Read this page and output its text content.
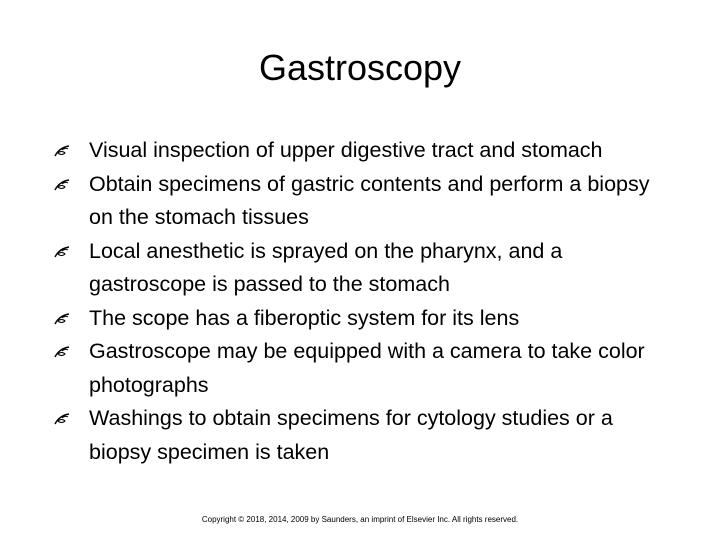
Gastroscopy
Visual inspection of upper digestive tract and stomach
Obtain specimens of gastric contents and perform a biopsy on the stomach tissues
Local anesthetic is sprayed on the pharynx, and a gastroscope is passed to the stomach
The scope has a fiberoptic system for its lens
Gastroscope may be equipped with a camera to take color photographs
Washings to obtain specimens for cytology studies or a biopsy specimen is taken
Copyright © 2018, 2014, 2009 by Saunders, an imprint of Elsevier Inc. All rights reserved.
